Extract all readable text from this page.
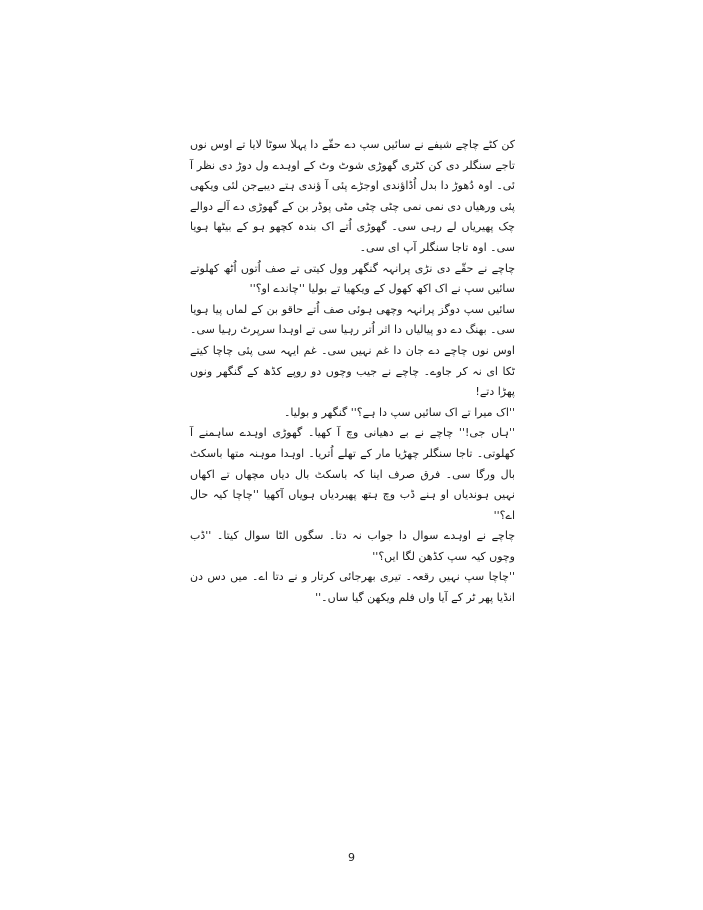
کن کٹے چاچے شیفے نے سائیں سپ دے حقّے دا پہلا سوٹا لایا تے اوس نوں تاجے سنگلر دی کن کٹری گھوڑی شوٹ وٹ کے اوہدے ول دوڑ دی نظر آ ئی۔ اوہ دُھوڑ دا بدل اُڈاؤندی اوجڑے پئی آ ؤندی ہتے دیبےجن لئی ویکھی پئی ورھیاں دی نمی نمی چٹی چٹی مٹی پوڈر بن کے گھوڑی دے آلے دوالے چک پھیریاں لے رہی سی۔ گھوڑی اُتے اک بندہ کچھو ہو کے بیٹھا ہویا سی۔ اوہ تاجا سنگلر آپ ای سی۔

چاچے نے حقّے دی نڑی پرانہہ گنگھر وول کیتی تے صف اُتوں اُٹھ کھلوتے سائیں سپ نے اک اکھ کھول کے ویکھیا تے بولیا ''چاندے او؟''

سائیں سپ دوگز پرانہہ وچھی ہوئی صف اُتے حاقو بن کے لماں پیا ہویا سی۔ بھنگ دے دو پیالیاں دا اثر اُتر رہیا سی تے اوہدا سرپرٹ رہیا سی۔ اوس نوں چاچے دے جان دا غم نہیں سی۔ غم ایہہ سی پئی چاچا کیتے ٹکا ای نہ کر جاوے۔ چاچے نے جیب وچوں دو روپے کڈھ کے گنگھر ونوں پھڑا دتے!

''اک میرا تے اک سائیں سپ دا ہے؟'' گنگھر و بولیا۔

''ہاں جی!'' چاچے نے بے دھیانی وچ آ کھیا۔ گھوڑی اوہدے ساہمنے آ کھلوتی۔ تاجا سنگلر چھڑیا مار کے تھلے اُتریا۔ اوہدا موہنہ متھا باسکٹ بال ورگا سی۔ فرق صرف اینا کہ باسکٹ بال دیاں مچھاں تے اکھاں نہیں ہوندیاں او ہنے ڈب وچ ہتھ پھیردیاں ہویاں آکھیا ''چاچا کیہ حال اے؟''

چاچے نے اوہدے سوال دا جواب نہ دتا۔ سگوں الٹا سوال کیتا۔ ''ڈب وچوں کیہ سپ کڈھن لگا ایں؟''

''چاچا سپ نہیں رقعہ۔ تیری بھرجائی کرتار و نے دتا اے۔ میں دس دن انڈیا پھر ٹر کے آیا واں فلم ویکھن گیا ساں۔''

9
